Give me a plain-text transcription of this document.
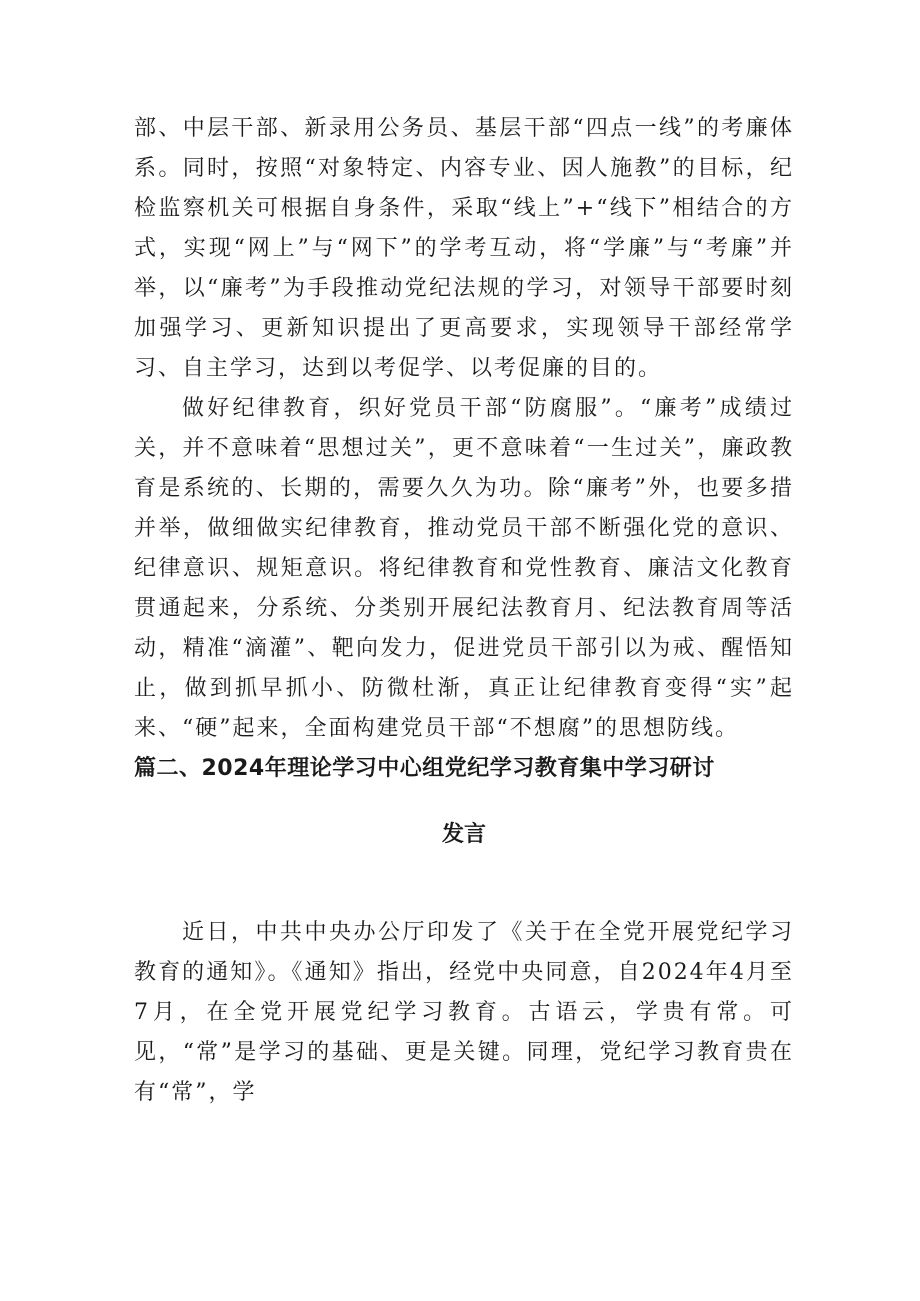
部、中层干部、新录用公务员、基层干部“四点一线”的考廉体系。同时，按照“对象特定、内容专业、因人施教”的目标，纪检监察机关可根据自身条件，采取“线上”+“线下”相结合的方式，实现“网上”与“网下”的学考互动，将“学廉”与“考廉”并举，以“廉考”为手段推动党纪法规的学习，对领导干部要时刻加强学习、更新知识提出了更高要求，实现领导干部经常学习、自主学习，达到以考促学、以考促廉的目的。

做好纪律教育，织好党员干部“防腐服”。“廉考”成绩过关，并不意味着“思想过关”，更不意味着“一生过关”，廉政教育是系统的、长期的，需要久久为功。除“廉考”外，也要多措并举，做细做实纪律教育，推动党员干部不断强化党的意识、纪律意识、规矩意识。将纪律教育和党性教育、廉洁文化教育贯通起来，分系统、分类别开展纪法教育月、纪法教育周等活动，精准“滴灌”、靶向发力，促进党员干部引以为戒、醒悟知止，做到抓早抓小、防微杜渐，真正让纪律教育变得“实”起来、“硬”起来，全面构建党员干部“不想腐”的思想防线。

篇二、2024年理论学习中心组党纪学习教育集中学习研讨

发言

近日，中共中央办公厅印发了《关于在全党开展党纪学习教育的通知》。《通知》指出，经党中央同意，自2024年4月至7月，在全党开展党纪学习教育。古语云，学贵有常。可见，“常”是学习的基础、更是关键。同理，党纪学习教育贵在有“常”，学
